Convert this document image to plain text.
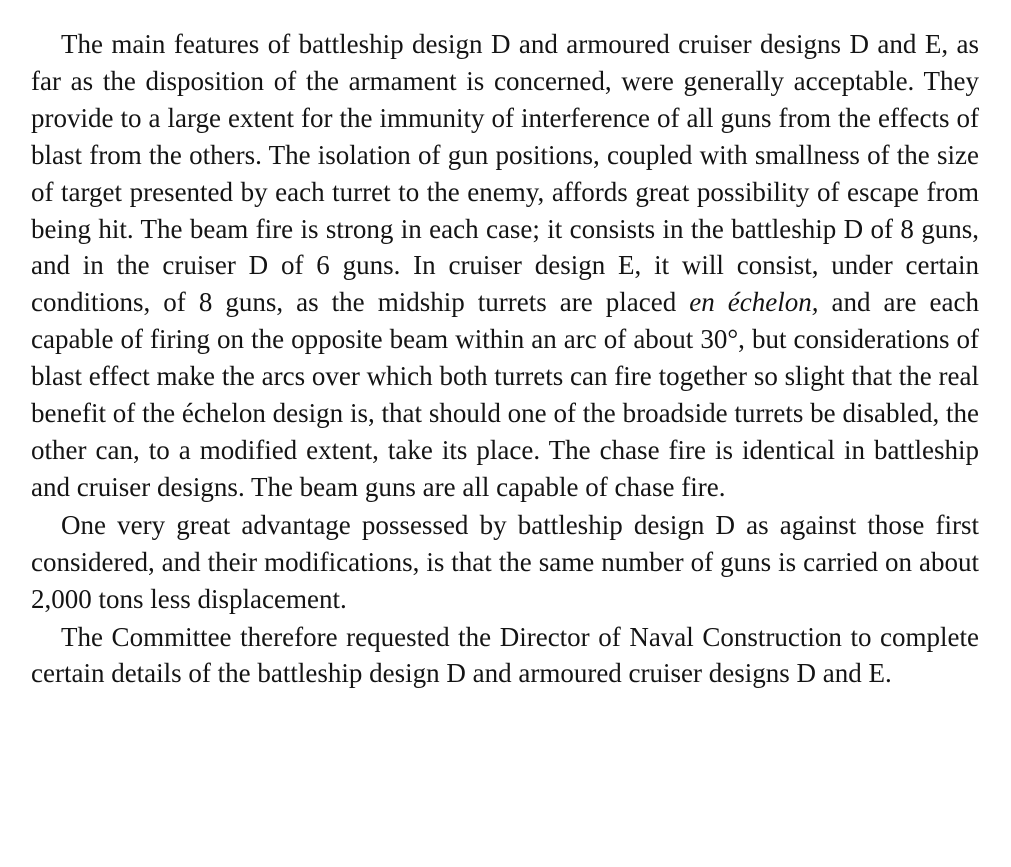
The main features of battleship design D and armoured cruiser designs D and E, as far as the disposition of the armament is concerned, were generally acceptable. They provide to a large extent for the immunity of interference of all guns from the effects of blast from the others. The isolation of gun positions, coupled with smallness of the size of target presented by each turret to the enemy, affords great possibility of escape from being hit. The beam fire is strong in each case; it consists in the battleship D of 8 guns, and in the cruiser D of 6 guns. In cruiser design E, it will consist, under certain conditions, of 8 guns, as the midship turrets are placed en échelon, and are each capable of firing on the opposite beam within an arc of about 30°, but considerations of blast effect make the arcs over which both turrets can fire together so slight that the real benefit of the échelon design is, that should one of the broadside turrets be disabled, the other can, to a modified extent, take its place. The chase fire is identical in battleship and cruiser designs. The beam guns are all capable of chase fire.

One very great advantage possessed by battleship design D as against those first considered, and their modifications, is that the same number of guns is carried on about 2,000 tons less displacement.

The Committee therefore requested the Director of Naval Construction to complete certain details of the battleship design D and armoured cruiser designs D and E.
